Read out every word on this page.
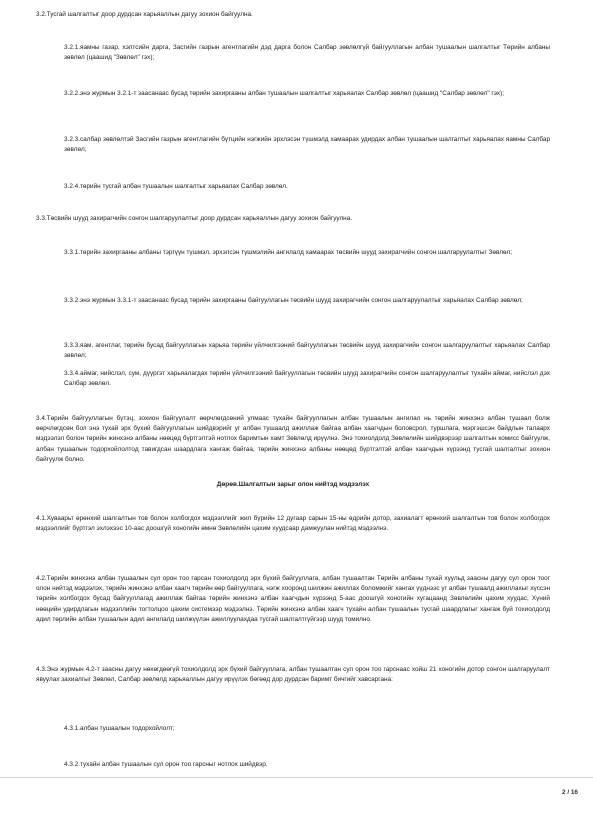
3.2.Тусгай шалгалтыг доор дурдсан харьяаллын дагуу зохион байгуулна.

3.2.1.яамны газар, хэлтсийн дарга, Засгийн газрын агентлагийн дэд дарга болон Салбар зөвлөлгүй байгууллагын албан тушаалын шалгалтыг Төрийн албаны зөвлөл (цаашид "Зөвлөл" гэх);

3.2.2.энэ журмын 3.2.1-т заасанаас бусад төрийн захиргааны албан тушаалын шалгалтыг харьяалах Салбар зөвлөл (цаашид "Салбар зөвлөл" гэх);

3.2.3.салбар зөвлөлтэй Засгийн газрын агентлагийн бүтцийн нэгжийн эрхлэсэн түшмэлд хамаарах удирдах албан тушаалын шалгалтыг харьяалах яамны Салбар зөвлөл;

3.2.4.төрийн тусгай албан тушаалын шалгалтыг харьяалах Салбар зөвлөл.

3.3.Төсвийн шууд захирагчийн сонгон шалгаруулалтыг доор дурдсан харьяаллын дагуу зохион байгуулна.

3.3.1.төрийн захиргааны албаны тэргүүн түшмэл, эрхэлсэн түшмэлийн ангилалд хамаарах төсвийн шууд захирагчийн сонгон шалгаруулалтыг Зөвлөл;

3.3.2.энэ журмын 3.3.1-т заасанаас бусад төрийн захиргааны байгууллагын төсвийн шууд захирагчийн сонгон шалгаруулалтыг харьяалах Салбар зөвлөл;

3.3.3.яам, агентлаг, төрийн бусад байгууллагын харьяа төрийн үйлчилгээний байгууллагын төсвийн шууд захирагчийн сонгон шалгаруулалтыг харьяалах Салбар зөвлөл;

3.3.4.аймаг, нийслэл, сум, дүүргэт харьяалагдах төрийн үйлчилгээний байгууллагын төсвийн шууд захирагчийн сонгон шалгаруулалтыг тухайн аймаг, нийслэл дэх Салбар зөвлөл.

3.4.Төрийн байгууллагын бүтэц, зохион байгуулалт өөрчлөгдсөний улмаас тухайн байгууллагын албан тушаалын ангилал нь төрийн жинхэнэ албан тушаал болж өөрчлөгдсөн бол энэ тухай эрх бүхий байгууллагын шийдвэрийг уг албан тушаалд ажиллаж байгаа албан хаагчдын боловсрол, туршлага, мэргэшсэн байдлын талаарх мэдээлэл болон төрийн жинхэнэ албаны нөөцөд бүртгэлтэй нотлох баримтын хамт Зөвлөлд ирүүлнэ. Энэ тохиолдолд Зөвлөлийн шийдвэрээр шалгалтын комисс байгуулж, албан тушаалын тодорхойлолтод тавигдсан шаардлага хангаж байгаа, төрийн жинхэнэ албаны нөөцөд бүртгэлтэй албан хаагчдын хүрээнд тусгай шалгалтыг зохион байгуулж болно.

Дөрөв.Шалгалтын зарыг олон нийтэд мэдээлэх

4.1.Хуваарьт өрөнхий шалгалтын тов болон холбогдох мэдээллийг жил бүрийн 12 дугаар сарын 15-ны өдрийн дотор, захиалагт өрөнхий шалгалтын тов болон холбогдох мэдээллийг бүртгэл эхлэхээс 10-аас доошгүй хоногийн өмнө Зөвлөлийн цахим хуудсаар дамжуулан нийтэд мэдээлнэ.

4.2.Төрийн жинхэнэ албан тушаалын сул орон тоо гарсан тохиолдолд эрх бүхий байгууллага, албан тушаалтан Төрийн албаны тухай хуульд заасны дагуу сул орон тоог олон нийтэд мэдээлэх, төрийн жинхэнэ албан хаагч төрийн өөр байгууллага, нэгж хооронд шилжин ажиллах боломжийг хангах үүднээс уг албан тушаалд ажиллахыг хүссэн төрийн холбогдох бусад байгууллагад ажиллаж байгаа төрийн жинхэнэ албан хаагчдын хүрээнд 5-аас доошгүй хоногийн хугацаанд Зөвлөлийн цахим хуудас, Хүний нөөцийн удирдлагын мэдээллийн тогтолцоо цахим системээр мэдээлнэ. Төрийн жинхэнэ албан хаагч тухайн албан тушаалын тусгай шаардлагыг хангаж буй тохиолдолд адил төрлийн албан тушаалын адил ангилалд шилжүүлэн ажиллуулахдаа тусгай шалгалтгүйгээр шууд томилно.

4.3.Энэ журмын 4.2-т заасны дагуу нөхөгдөөгүй тохиолдолд эрх бүхий байгууллага, албан тушаалтан сул орон тоо гарснаас хойш 21 хоногийн дотор сонгон шалгаруулалт явуулах захиалгыг Зөвлөл, Салбар зөвлөлд харьяаллын дагуу ирүүлэх бөгөөд дор дурдсан баримт бичгийг хавсаргана:

4.3.1.албан тушаалын тодорхойлолт;

4.3.2.тухайн албан тушаалын сул орон тоо гарсныг нотлох шийдвэр.

2 / 16
